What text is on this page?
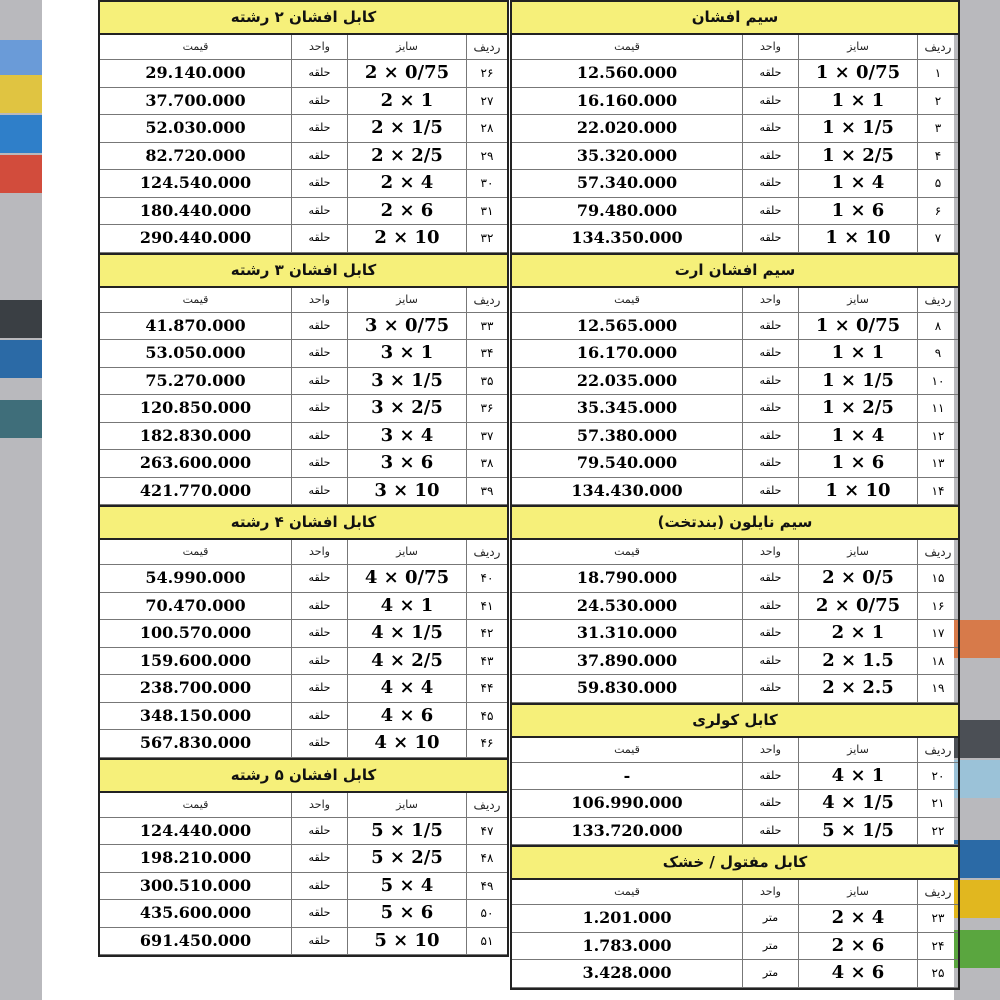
سیم افشان
ردیف
سایز
واحد
قیمت
۱
1 × 0/75
حلقه
12.560.000
۲
1 × 1
حلقه
16.160.000
۳
1 × 1/5
حلقه
22.020.000
۴
1 × 2/5
حلقه
35.320.000
۵
1 × 4
حلقه
57.340.000
۶
1 × 6
حلقه
79.480.000
۷
1 × 10
حلقه
134.350.000
سیم افشان ارت
ردیف
سایز
واحد
قیمت
۸
1 × 0/75
حلقه
12.565.000
۹
1 × 1
حلقه
16.170.000
۱۰
1 × 1/5
حلقه
22.035.000
۱۱
1 × 2/5
حلقه
35.345.000
۱۲
1 × 4
حلقه
57.380.000
۱۳
1 × 6
حلقه
79.540.000
۱۴
1 × 10
حلقه
134.430.000
سیم نایلون (بندتخت)
ردیف
سایز
واحد
قیمت
۱۵
2 × 0/5
حلقه
18.790.000
۱۶
2 × 0/75
حلقه
24.530.000
۱۷
2 × 1
حلقه
31.310.000
۱۸
2 × 1.5
حلقه
37.890.000
۱۹
2 × 2.5
حلقه
59.830.000
کابل کولری
ردیف
سایز
واحد
قیمت
۲۰
4 × 1
حلقه
-
۲۱
4 × 1/5
حلقه
106.990.000
۲۲
5 × 1/5
حلقه
133.720.000
کابل مفتول / خشک
ردیف
سایز
واحد
قیمت
۲۳
2 × 4
متر
1.201.000
۲۴
2 × 6
متر
1.783.000
۲۵
4 × 6
متر
3.428.000
کابل افشان ۲ رشته
ردیف
سایز
واحد
قیمت
۲۶
2 × 0/75
حلقه
29.140.000
۲۷
2 × 1
حلقه
37.700.000
۲۸
2 × 1/5
حلقه
52.030.000
۲۹
2 × 2/5
حلقه
82.720.000
۳۰
2 × 4
حلقه
124.540.000
۳۱
2 × 6
حلقه
180.440.000
۳۲
2 × 10
حلقه
290.440.000
کابل افشان ۳ رشته
ردیف
سایز
واحد
قیمت
۳۳
3 × 0/75
حلقه
41.870.000
۳۴
3 × 1
حلقه
53.050.000
۳۵
3 × 1/5
حلقه
75.270.000
۳۶
3 × 2/5
حلقه
120.850.000
۳۷
3 × 4
حلقه
182.830.000
۳۸
3 × 6
حلقه
263.600.000
۳۹
3 × 10
حلقه
421.770.000
کابل افشان ۴ رشته
ردیف
سایز
واحد
قیمت
۴۰
4 × 0/75
حلقه
54.990.000
۴۱
4 × 1
حلقه
70.470.000
۴۲
4 × 1/5
حلقه
100.570.000
۴۳
4 × 2/5
حلقه
159.600.000
۴۴
4 × 4
حلقه
238.700.000
۴۵
4 × 6
حلقه
348.150.000
۴۶
4 × 10
حلقه
567.830.000
کابل افشان ۵ رشته
ردیف
سایز
واحد
قیمت
۴۷
5 × 1/5
حلقه
124.440.000
۴۸
5 × 2/5
حلقه
198.210.000
۴۹
5 × 4
حلقه
300.510.000
۵۰
5 × 6
حلقه
435.600.000
۵۱
5 × 10
حلقه
691.450.000
